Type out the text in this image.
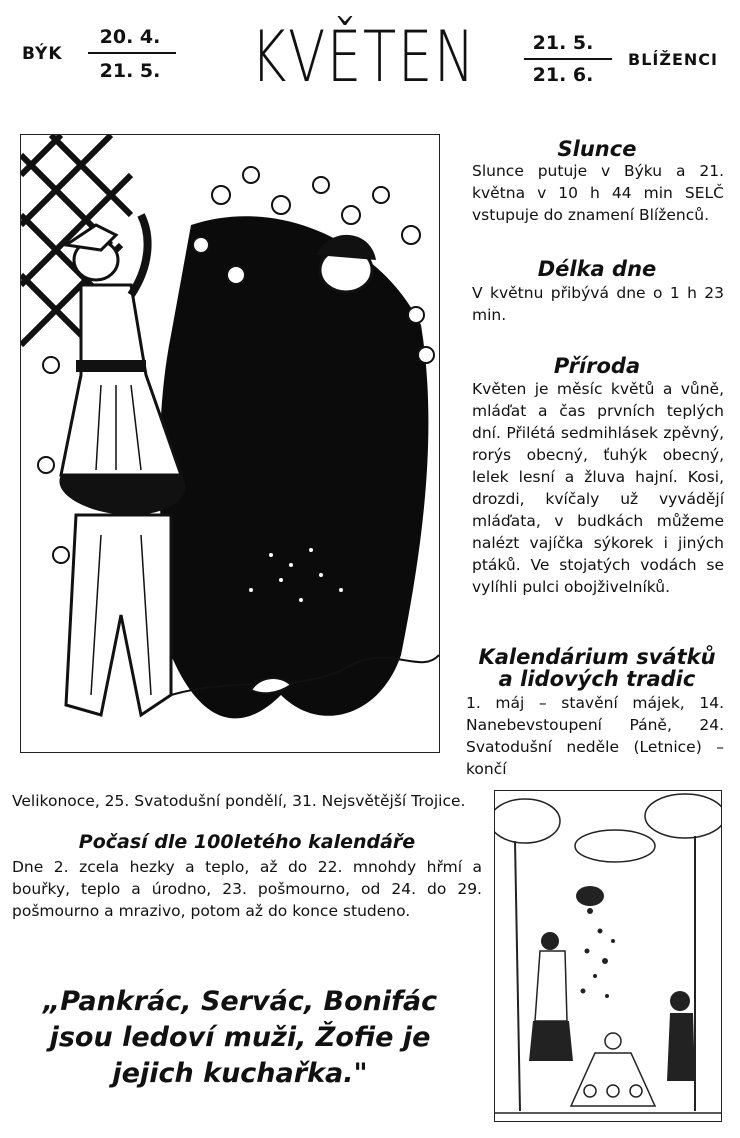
BÝK
20. 4.
21. 5. KVĚTEN	21. 5.
21. 6.
BLÍŽENCI
Slunce
Slunce putuje v Býku a 21. května v 10 h 44 min SELČ vstupuje do znamení Blíženců.
Délka dne
V květnu přibývá dne o 1 h 23 min.
Příroda
Květen je měsíc květů a vůně, mláďat a čas prvních teplých dní. Přilétá sedmihlásek zpěvný, rorýs obecný, ťuhýk obecný, lelek lesní a žluva hajní. Kosi, drozdi, kvíčaly už vyvádějí mláďata, v budkách můžeme nalézt vajíčka sýkorek i jiných ptáků. Ve stojatých vodách se vylíhli pulci obojživelníků.
Kalendárium svátků
a lidových tradic
1. máj – stavění májek, 14. Nanebevstoupení Páně, 24. Svatodušní neděle (Letnice) – končí
Velikonoce, 25. Svatodušní pondělí, 31. Nejsvětější Trojice.
Počasí dle 100letého kalendáře
Dne 2. zcela hezky a teplo, až do 22. mnohdy hřmí a bouřky, teplo a úrodno, 23. pošmourno, od 24. do 29. pošmourno a mrazivo, potom až do konce studeno.
„Pankrác, Servác, Bonifác
jsou ledoví muži, Žofie je
jejich kuchařka."
